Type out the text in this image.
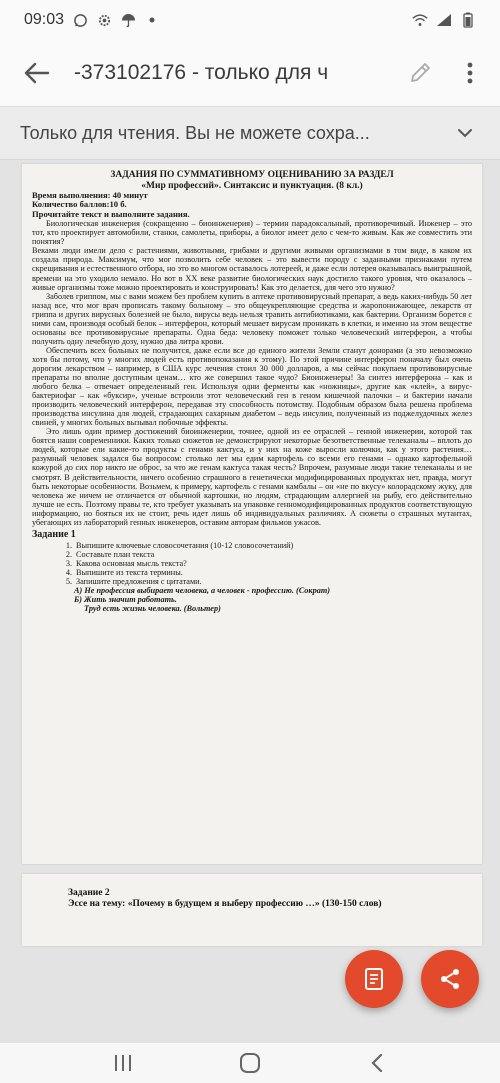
09:03
-373102176 - только для ч
Только для чтения. Вы не можете сохра...
ЗАДАНИЯ ПО СУММАТИВНОМУ ОЦЕНИВАНИЮ ЗА РАЗДЕЛ
«Мир профессий». Синтаксис и пунктуация. (8 кл.)
Время выполнения: 40 минут
Количество баллов:10 б.
Прочитайте текст и выполните задания.
Биологическая инженерия (сокращенно – биоинженерия) – термин парадоксальный, противоречивый. Инженер – это тот, кто проектирует автомобили, станки, самолеты, приборы, а биолог имеет дело с чем-то живым. Как же совместить эти понятия?
Веками люди имели дело с растениями, животными, грибами и другими живыми организмами в том виде, в каком их создала природа. Максимум, что мог позволить себе человек – это вывести породу с заданными признаками путем скрещивания и естественного отбора, но это во многом оставалось лотереей, и даже если лотерея оказывалась выигрышной, времени на это уходило немало. Но вот в ХХ веке развитие биологических наук достигло такого уровня, что оказалось – живые организмы тоже можно проектировать и конструировать! Как это делается, для чего это нужно?
Заболев гриппом, мы с вами можем без проблем купить в аптеке противовирусный препарат, а ведь каких-нибудь 50 лет назад все, что мог врач прописать такому больному – это общеукрепляющие средства и жаропонижающее, лекарств от гриппа и других вирусных болезней не было, вирусы ведь нельзя травить антибиотиками, как бактерии. Организм борется с ними сам, производя особый белок – интерферон, который мешает вирусам проникать в клетки, и именно на этом веществе основаны все противовирусные препараты. Одна беда: человеку поможет только человеческий интерферон, а чтобы получить одну лечебную дозу, нужно два литра крови.
Обеспечить всех больных не получится, даже если все до единого жители Земли станут донорами (а это невозможно хотя бы потому, что у многих людей есть противопоказания к этому). По этой причине интерферон поначалу был очень дорогим лекарством – например, в США курс лечения стоил 30 000 долларов, а мы сейчас покупаем противовирусные препараты по вполне доступным ценам… кто же совершил такое чудо? Биоинженеры! За синтез интерферона – как и любого белка – отвечает определенный ген. Используя одни ферменты как «ножницы», другие как «клей», а вирус-бактериофаг – как «буксир», ученые встроили этот человеческий ген в геном кишечной палочки – и бактерии начали производить человеческий интерферон, передавая эту способность потомству. Подобным образом была решена проблема производства инсулина для людей, страдающих сахарным диабетом – ведь инсулин, полученный из поджелудочных желез свиней, у многих больных вызывал побочные эффекты.
Это лишь один пример достижений биоинженерии, точнее, одной из ее отраслей – генной инженерии, которой так боятся наши современники. Каких только сюжетов не демонстрируют некоторые безответственные телеканалы – вплоть до людей, которые ели какие-то продукты с генами кактуса, и у них на коже выросли колючки, как у этого растения… разумный человек задался бы вопросом: столько лет мы едим картофель со всеми его генами – однако картофельной кожурой до сих пор никто не оброс, за что же генам кактуса такая честь? Впрочем, разумные люди такие телеканалы и не смотрят. В действительности, ничего особенно страшного в генетически модифицированных продуктах нет, правда, могут быть некоторые особенности. Возьмем, к примеру, картофель с генами камбалы – он «не по вкусу» колорадскому жуку, для человека же ничем не отличается от обычной картошки, но людям, страдающим аллергией на рыбу, его действительно лучше не есть. Поэтому правы те, кто требует указывать на упаковке генномодифицированных продуктов соответствующую информацию, но бояться их не стоит, речь идет лишь об индивидуальных различиях. А сюжеты о страшных мутантах, убегающих из лабораторий генных инженеров, оставим авторам фильмов ужасов.
Задание 1
1. Выпишите ключевые словосочетания (10-12 словосочетаний)
2. Составьте план текста
3. Какова основная мысль текста?
4. Выпишите из текста термины.
5. Запишите предложения с цитатами.
А) Не профессия выбирает человека, а человек - профессию. (Сократ)
Б) Жить значит работать.
Труд есть жизнь человека. (Вольтер)
Задание 2
Эссе на тему: «Почему в будущем я выберу профессию …» (130-150 слов)
